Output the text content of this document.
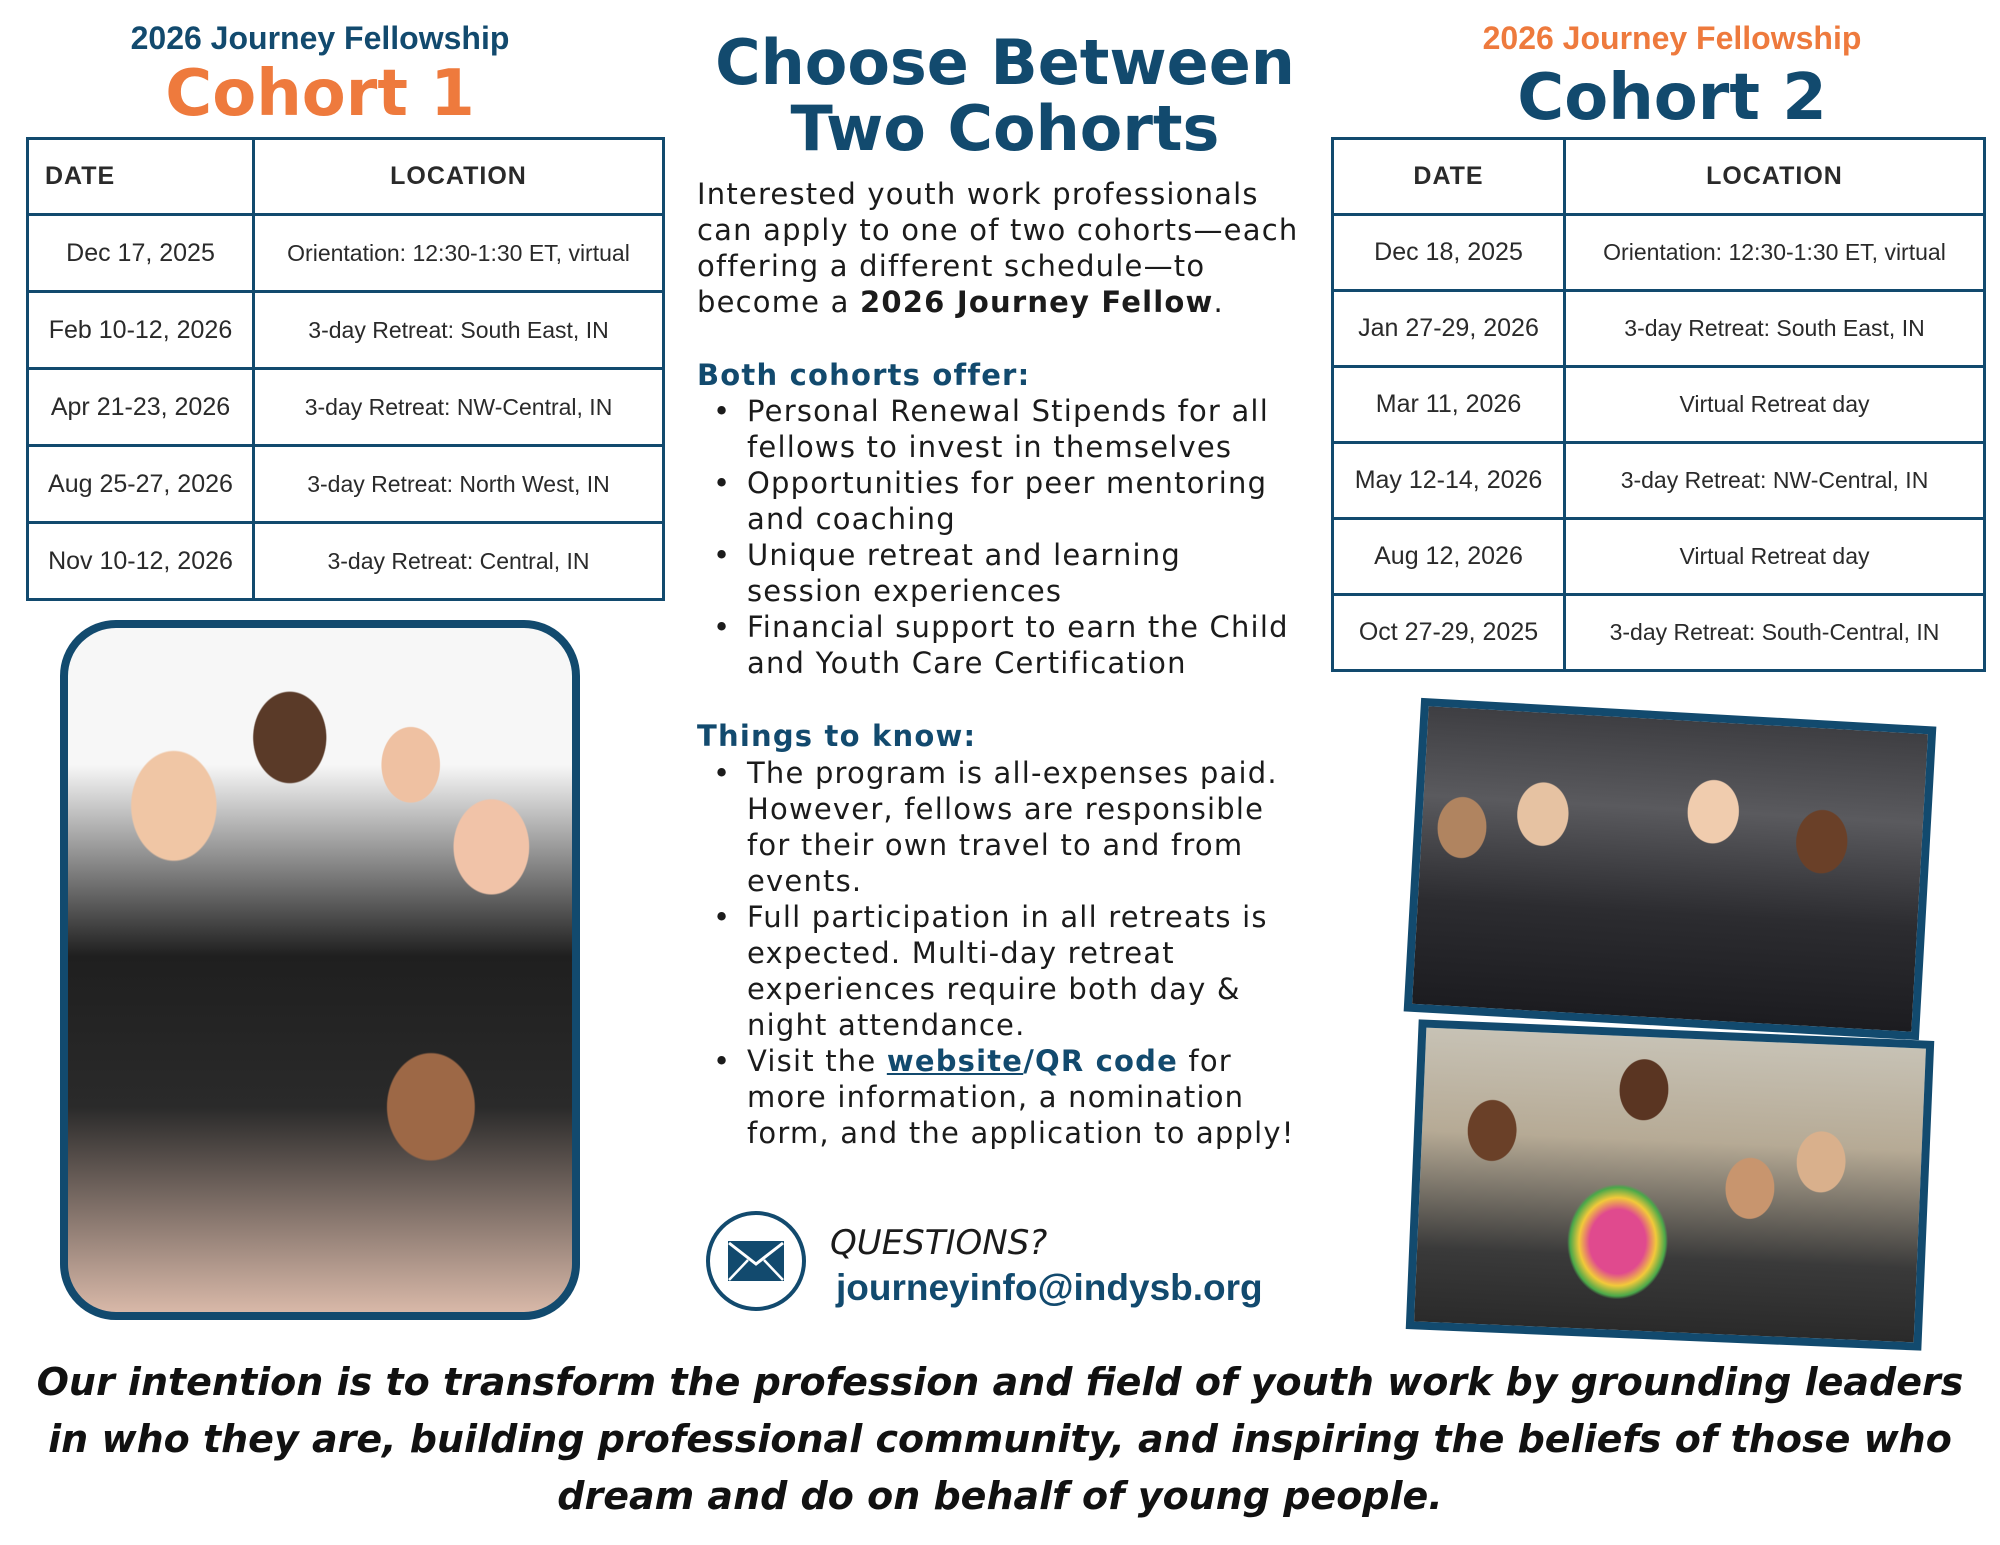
2026 Journey Fellowship
Cohort 1
DATE	LOCATION
Dec 17, 2025	Orientation: 12:30-1:30 ET, virtual
Feb 10-12, 2026	3-day Retreat: South East, IN
Apr 21-23, 2026	3-day Retreat: NW-Central, IN
Aug 25-27, 2026	3-day Retreat: North West, IN
Nov 10-12, 2026	3-day Retreat: Central, IN
Choose Between
Two Cohorts
Interested youth work professionals
can apply to one of two cohorts—each
offering a different schedule—to
become a 2026 Journey Fellow.
Both cohorts offer:
• Personal Renewal Stipends for all
fellows to invest in themselves
• Opportunities for peer mentoring
and coaching
• Unique retreat and learning
session experiences
• Financial support to earn the Child
and Youth Care Certification
Things to know:
• The program is all-expenses paid.
However, fellows are responsible
for their own travel to and from
events.
• Full participation in all retreats is
expected. Multi-day retreat
experiences require both day &
night attendance.
• Visit the website/QR code for
more information, a nomination
form, and the application to apply!
QUESTIONS?
journeyinfo@indysb.org
2026 Journey Fellowship
Cohort 2
DATE	LOCATION
Dec 18, 2025	Orientation: 12:30-1:30 ET, virtual
Jan 27-29, 2026	3-day Retreat: South East, IN
Mar 11, 2026	Virtual Retreat day
May 12-14, 2026	3-day Retreat: NW-Central, IN
Aug 12, 2026	Virtual Retreat day
Oct 27-29, 2025	3-day Retreat: South-Central, IN
Our intention is to transform the profession and field of youth work by grounding leaders
in who they are, building professional community, and inspiring the beliefs of those who
dream and do on behalf of young people.
